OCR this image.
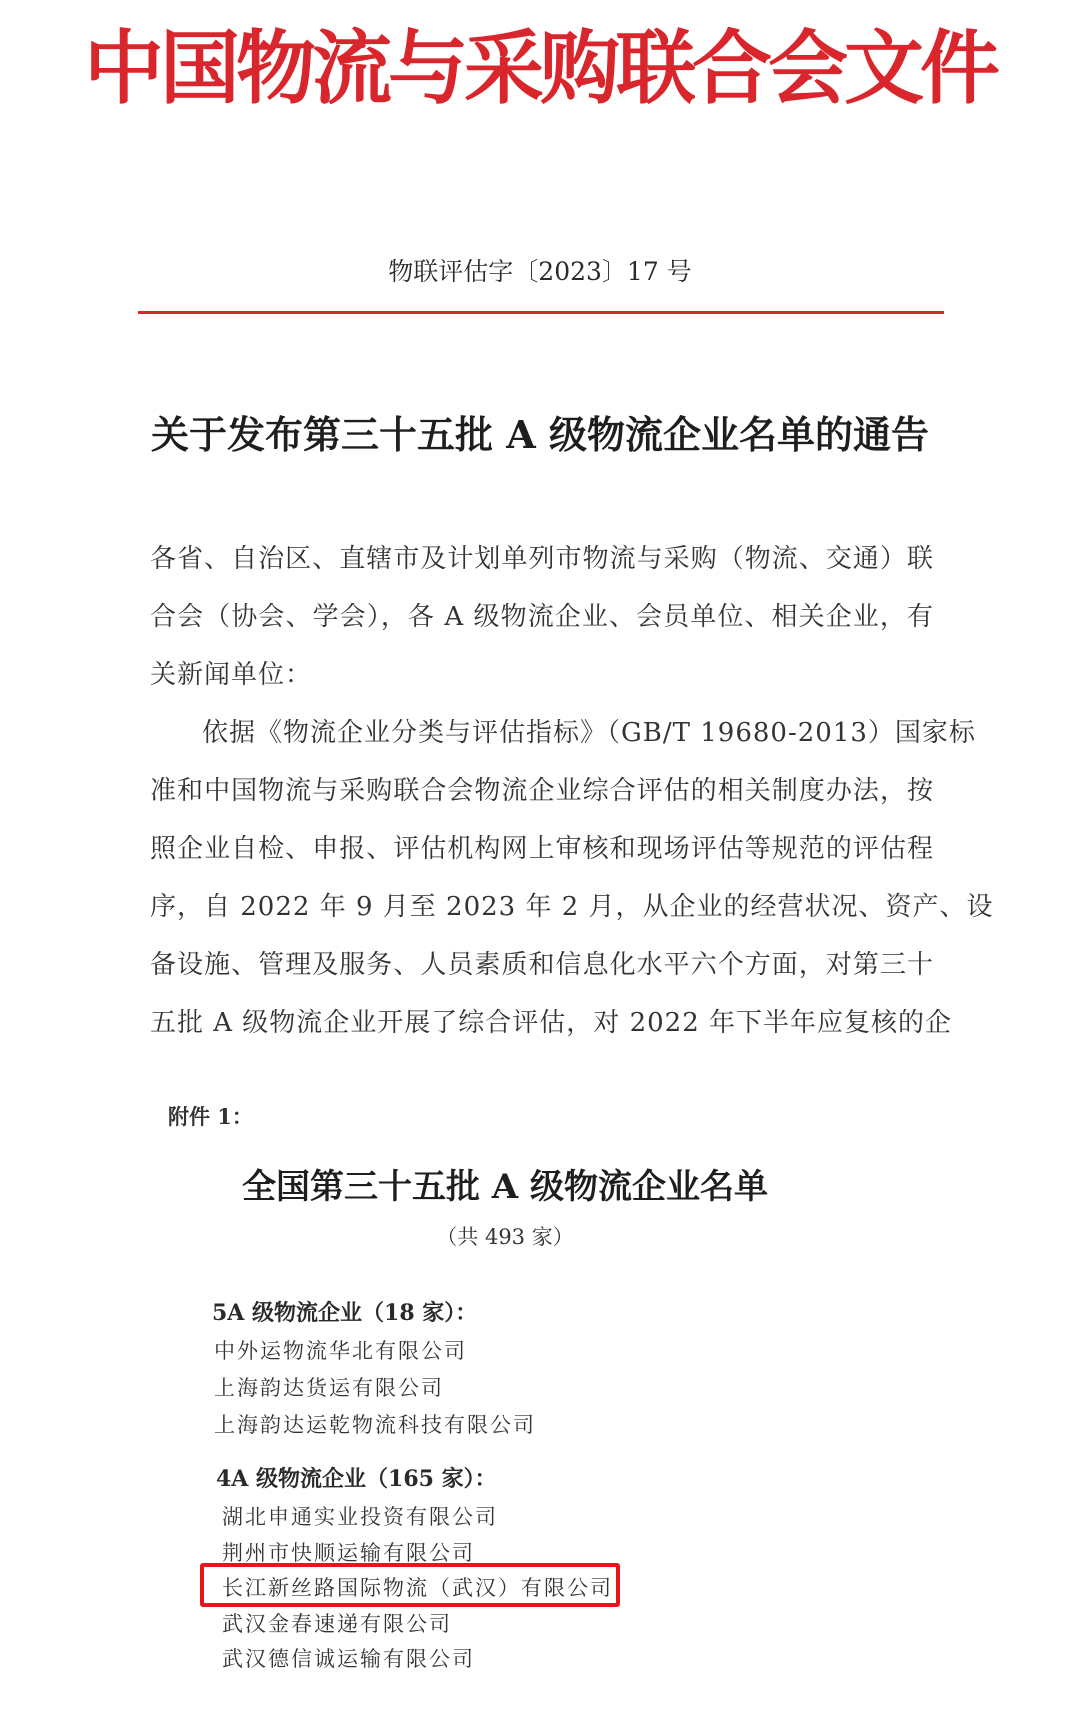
中国物流与采购联合会文件
物联评估字〔2023〕17 号
关于发布第三十五批 A 级物流企业名单的通告
各省、自治区、直辖市及计划单列市物流与采购（物流、交通）联
合会（协会、学会），各 A 级物流企业、会员单位、相关企业，有
关新闻单位：
依据《物流企业分类与评估指标》（GB/T 19680-2013）国家标
准和中国物流与采购联合会物流企业综合评估的相关制度办法，按
照企业自检、申报、评估机构网上审核和现场评估等规范的评估程
序，自 2022 年 9 月至 2023 年 2 月，从企业的经营状况、资产、设
备设施、管理及服务、人员素质和信息化水平六个方面，对第三十
五批 A 级物流企业开展了综合评估，对 2022 年下半年应复核的企
附件 1：
全国第三十五批 A 级物流企业名单
（共 493 家）
5A 级物流企业（18 家）：
中外运物流华北有限公司
上海韵达货运有限公司
上海韵达运乾物流科技有限公司
4A 级物流企业（165 家）：
湖北申通实业投资有限公司
荆州市快顺运输有限公司
长江新丝路国际物流（武汉）有限公司
武汉金春速递有限公司
武汉德信诚运输有限公司
